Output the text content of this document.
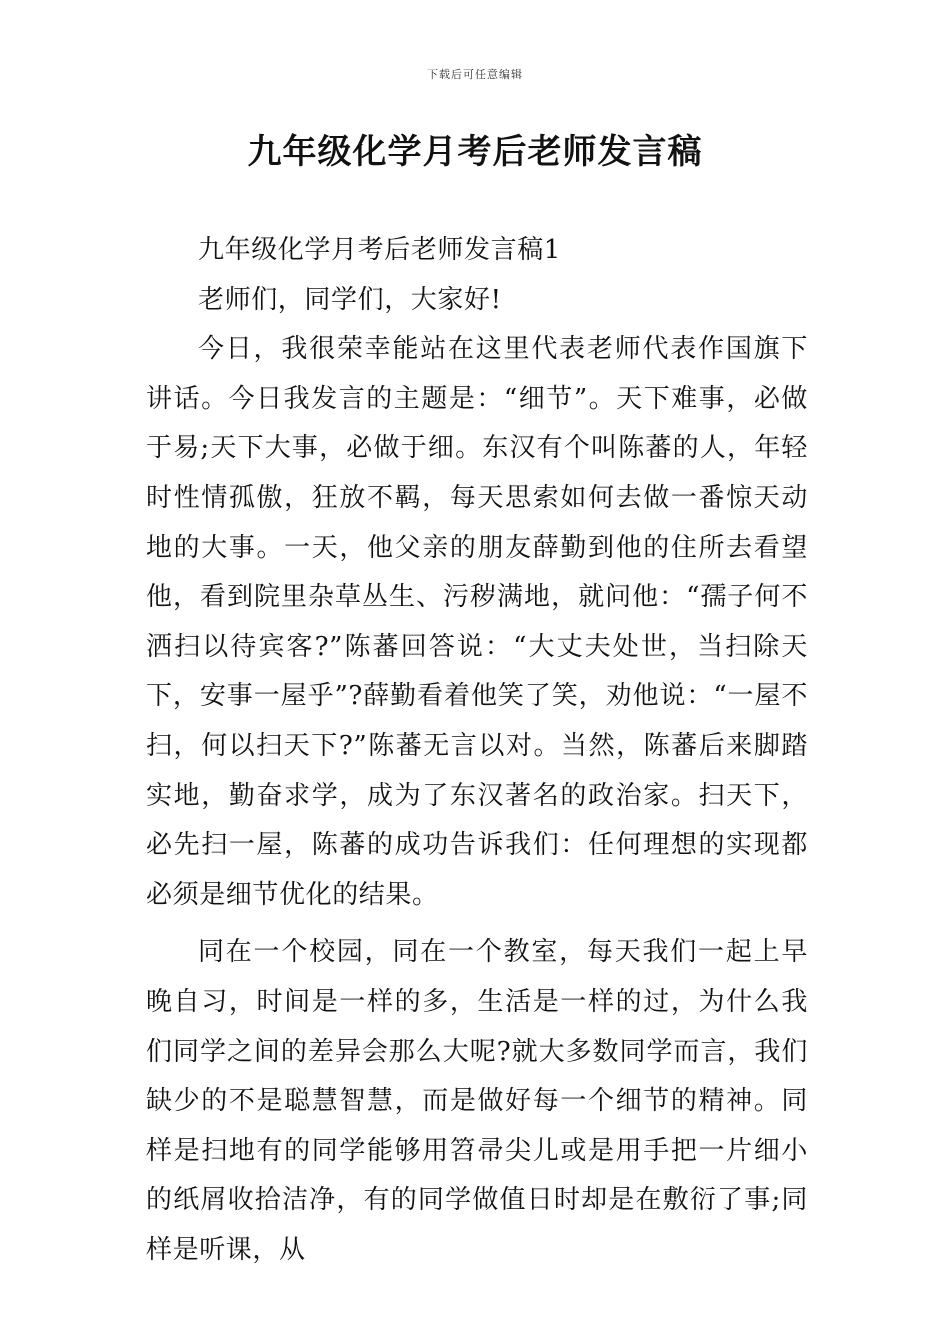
下载后可任意编辑
九年级化学月考后老师发言稿

九年级化学月考后老师发言稿1

老师们，同学们，大家好!

今日，我很荣幸能站在这里代表老师代表作国旗下讲话。今日我发言的主题是：“细节”。天下难事，必做于易;天下大事，必做于细。东汉有个叫陈蕃的人，年轻时性情孤傲，狂放不羁，每天思索如何去做一番惊天动地的大事。一天，他父亲的朋友薛勤到他的住所去看望他，看到院里杂草丛生、污秽满地，就问他：“孺子何不洒扫以待宾客?”陈蕃回答说：“大丈夫处世，当扫除天下，安事一屋乎”?薛勤看着他笑了笑，劝他说：“一屋不扫，何以扫天下?”陈蕃无言以对。当然，陈蕃后来脚踏实地，勤奋求学，成为了东汉著名的政治家。扫天下，必先扫一屋，陈蕃的成功告诉我们：任何理想的实现都必须是细节优化的结果。

同在一个校园，同在一个教室，每天我们一起上早晚自习，时间是一样的多，生活是一样的过，为什么我们同学之间的差异会那么大呢?就大多数同学而言，我们缺少的不是聪慧智慧，而是做好每一个细节的精神。同样是扫地有的同学能够用笤帚尖儿或是用手把一片细小的纸屑收拾洁净，有的同学做值日时却是在敷衍了事;同样是听课，从
